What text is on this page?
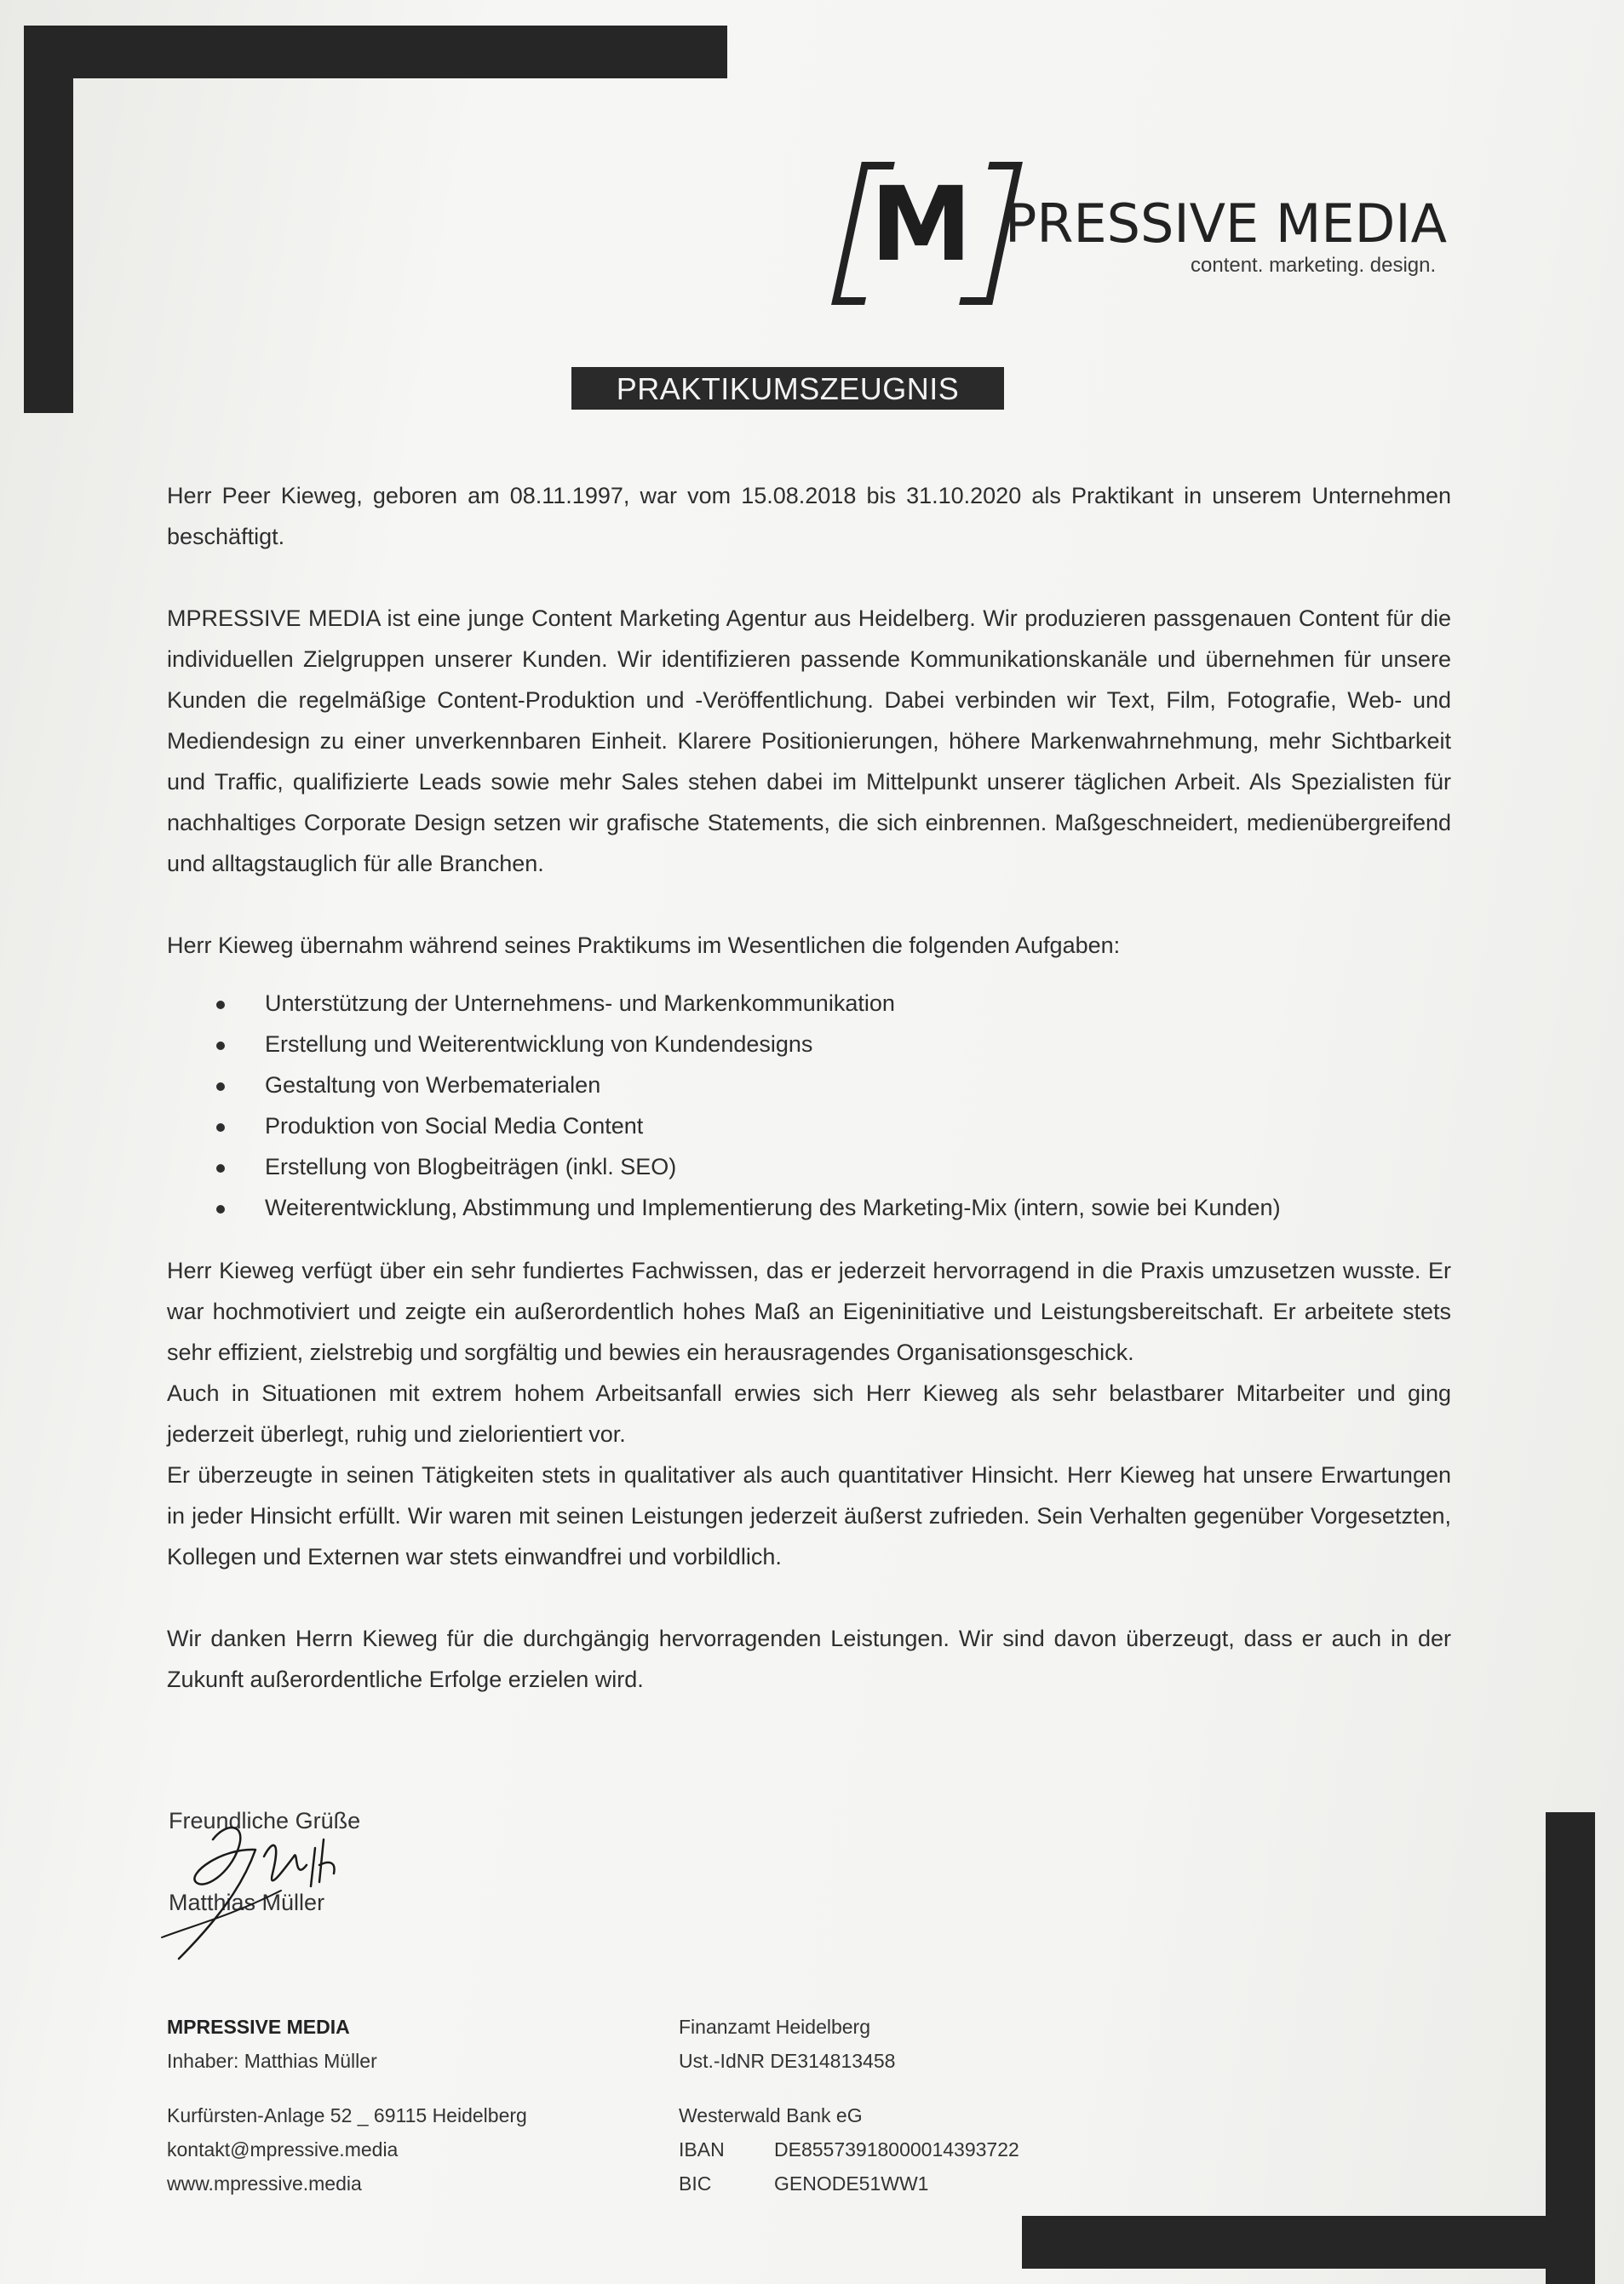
M PRESSIVE MEDIA
content. marketing. design.
PRAKTIKUMSZEUGNIS

Herr Peer Kieweg, geboren am 08.11.1997, war vom 15.08.2018 bis 31.10.2020 als Praktikant in unserem Unternehmen beschäftigt.

MPRESSIVE MEDIA ist eine junge Content Marketing Agentur aus Heidelberg. Wir produzieren passgenauen Content für die individuellen Zielgruppen unserer Kunden. Wir identifizieren passende Kommunikationskanäle und übernehmen für unsere Kunden die regelmäßige Content-Produktion und -Veröffentlichung. Dabei verbinden wir Text, Film, Fotografie, Web- und Mediendesign zu einer unverkennbaren Einheit. Klarere Positionierungen, höhere Markenwahrnehmung, mehr Sichtbarkeit und Traffic, qualifizierte Leads sowie mehr Sales stehen dabei im Mittelpunkt unserer täglichen Arbeit. Als Spezialisten für nachhaltiges Corporate Design setzen wir grafische Statements, die sich einbrennen. Maßgeschneidert, medienübergreifend und alltagstauglich für alle Branchen.

Herr Kieweg übernahm während seines Praktikums im Wesentlichen die folgenden Aufgaben:

Unterstützung der Unternehmens- und Markenkommunikation
Erstellung und Weiterentwicklung von Kundendesigns
Gestaltung von Werbematerialen
Produktion von Social Media Content
Erstellung von Blogbeiträgen (inkl. SEO)
Weiterentwicklung, Abstimmung und Implementierung des Marketing-Mix (intern, sowie bei Kunden)

Herr Kieweg verfügt über ein sehr fundiertes Fachwissen, das er jederzeit hervorragend in die Praxis umzusetzen wusste. Er war hochmotiviert und zeigte ein außerordentlich hohes Maß an Eigeninitiative und Leistungsbereitschaft. Er arbeitete stets sehr effizient, zielstrebig und sorgfältig und bewies ein herausragendes Organisationsgeschick.

Auch in Situationen mit extrem hohem Arbeitsanfall erwies sich Herr Kieweg als sehr belastbarer Mitarbeiter und ging jederzeit überlegt, ruhig und zielorientiert vor.

Er überzeugte in seinen Tätigkeiten stets in qualitativer als auch quantitativer Hinsicht. Herr Kieweg hat unsere Erwartungen in jeder Hinsicht erfüllt. Wir waren mit seinen Leistungen jederzeit äußerst zufrieden. Sein Verhalten gegenüber Vorgesetzten, Kollegen und Externen war stets einwandfrei und vorbildlich.

Wir danken Herrn Kieweg für die durchgängig hervorragenden Leistungen. Wir sind davon überzeugt, dass er auch in der Zukunft außerordentliche Erfolge erzielen wird.

Freundliche Grüße
Matthias Müller
MPRESSIVE MEDIA
Inhaber: Matthias Müller
Kurfürsten-Anlage 52 _ 69115 Heidelberg
kontakt@mpressive.media
www.mpressive.media
Finanzamt Heidelberg
Ust.-IdNR DE314813458
Westerwald Bank eG
IBAN	DE85573918000014393722
BIC	GENODE51WW1
